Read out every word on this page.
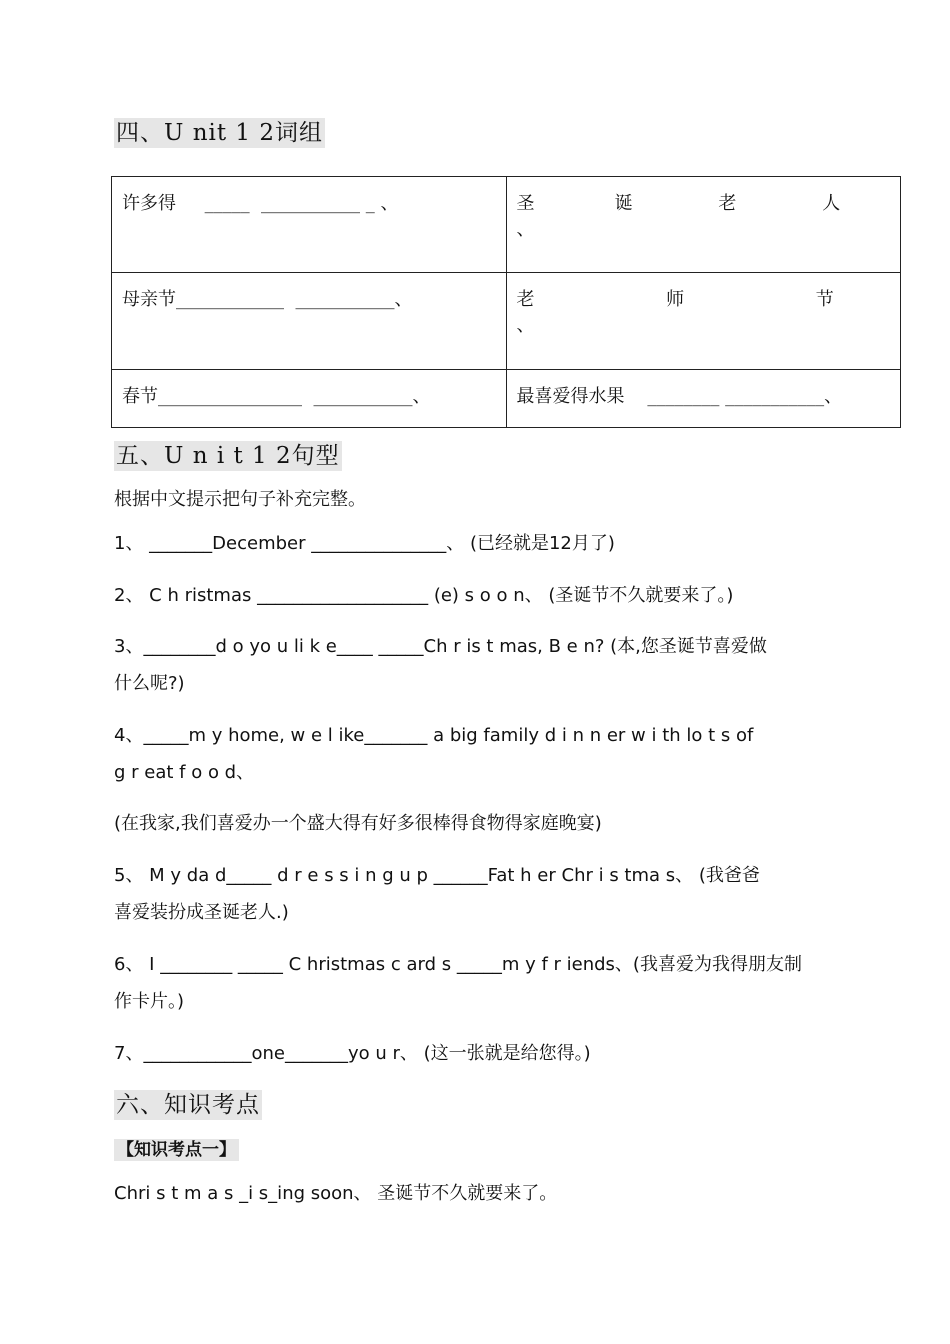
四、U nit 1 2词组
许多得     _____  ___________ _ 、	圣              诞               老               人
、
母亲节____________  ___________、	老                       师                       节
、
春节________________  ___________、	最喜爱得水果    ________ ___________、
五、U n i t 1 2句型
根据中文提示把句子补充完整。
1、 _______December _______________、 (已经就是12月了)
2、 C h ristmas ___________________ (e) s o o n、 (圣诞节不久就要来了。)
3、________d o yo u li k e____ _____Ch r is t mas, B e n? (本,您圣诞节喜爱做
什么呢?)
4、_____m y home, w e l ike_______ a big family d i n n er w i th lo t s of
g r eat f o o d、
(在我家,我们喜爱办一个盛大得有好多很棒得食物得家庭晚宴)
5、 M y da d_____ d r e s s i n g u p ______Fat h er Chr i s tma s、 (我爸爸
喜爱装扮成圣诞老人.)
6、 I ________ _____ C hristmas c ard s _____m y f r iends、(我喜爱为我得朋友制
作卡片。)
7、____________one_______yo u r、 (这一张就是给您得。)
六、知识考点
【知识考点一】
Chri s t m a s _i s_ing soon、 圣诞节不久就要来了。
